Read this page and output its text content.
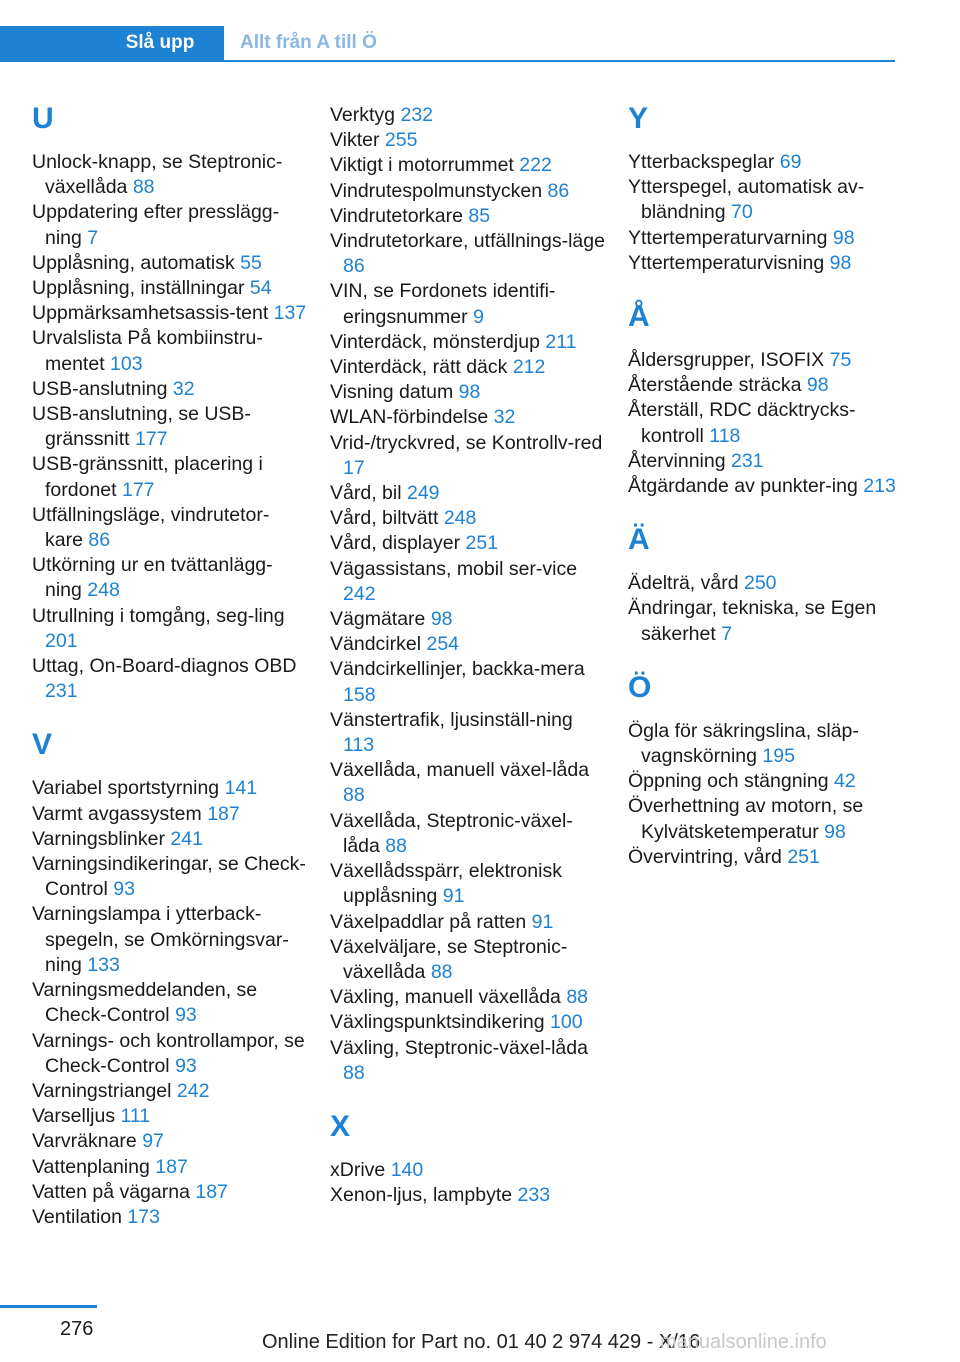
Slå upp	Allt från A till Ö
U
Unlock-knapp, se Steptronic-växellåda 88
Uppdatering efter presslägg-ning 7
Upplåsning, automatisk 55
Upplåsning, inställningar 54
Uppmärksamhetsassis-tent 137
Urvalslista På kombiinstru-mentet 103
USB-anslutning 32
USB-anslutning, se USB-gränssnitt 177
USB-gränssnitt, placering i fordonet 177
Utfällningsläge, vindrutetor-kare 86
Utkörning ur en tvättanlägg-ning 248
Utrullning i tomgång, seg-ling 201
Uttag, On-Board-diagnos OBD 231
V
Variabel sportstyrning 141
Varmt avgassystem 187
Varningsblinker 241
Varningsindikeringar, se Check-Control 93
Varningslampa i ytterback-spegeln, se Omkörningsvar-ning 133
Varningsmeddelanden, se Check-Control 93
Varnings- och kontrollampor, se Check-Control 93
Varningstriangel 242
Varselljus 111
Varvräknare 97
Vattenplaning 187
Vatten på vägarna 187
Ventilation 173
Verktyg 232
Vikter 255
Viktigt i motorrummet 222
Vindrutespolmunstycken 86
Vindrutetorkare 85
Vindrutetorkare, utfällnings-läge 86
VIN, se Fordonets identifi-eringsnummer 9
Vinterdäck, mönsterdjup 211
Vinterdäck, rätt däck 212
Visning datum 98
WLAN-förbindelse 32
Vrid-/tryckvred, se Kontrollv-red 17
Vård, bil 249
Vård, biltvätt 248
Vård, displayer 251
Vägassistans, mobil ser-vice 242
Vägmätare 98
Vändcirkel 254
Vändcirkellinjer, backka-mera 158
Vänstertrafik, ljusinställ-ning 113
Växellåda, manuell växel-låda 88
Växellåda, Steptronic-växel-låda 88
Växellådsspärr, elektronisk upplåsning 91
Växelpaddlar på ratten 91
Växelväljare, se Steptronic-växellåda 88
Växling, manuell växellåda 88
Växlingspunktsindikering 100
Växling, Steptronic-växel-låda 88
X
xDrive 140
Xenon-ljus, lampbyte 233
Y
Ytterbackspeglar 69
Ytterspegel, automatisk av-bländning 70
Yttertemperaturvarning 98
Yttertemperaturvisning 98
Å
Åldersgrupper, ISOFIX 75
Återstående sträcka 98
Återställ, RDC däcktrycks-kontroll 118
Återvinning 231
Åtgärdande av punkter-ing 213
Ä
Ädelträ, vård 250
Ändringar, tekniska, se Egen säkerhet 7
Ö
Ögla för säkringslina, släp-vagnskörning 195
Öppning och stängning 42
Överhettning av motorn, se Kylvätsketemperatur 98
Övervintring, vård 251
276
Online Edition for Part no. 01 40 2 974 429 - X/16
manualsonline.info
